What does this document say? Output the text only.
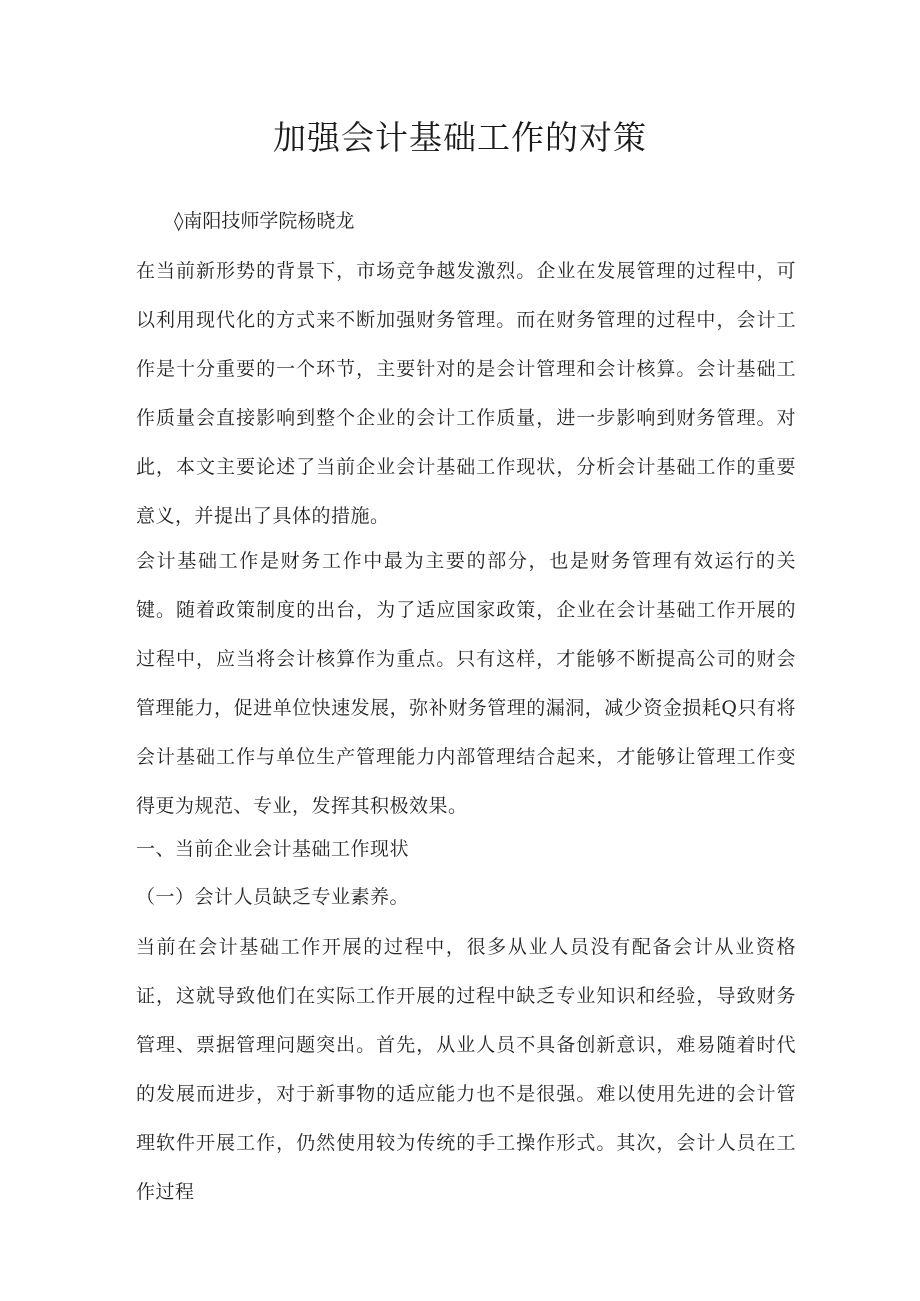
加强会计基础工作的对策
◊南阳技师学院杨晓龙

在当前新形势的背景下，市场竞争越发激烈。企业在发展管理的过程中，可以利用现代化的方式来不断加强财务管理。而在财务管理的过程中，会计工作是十分重要的一个环节，主要针对的是会计管理和会计核算。会计基础工作质量会直接影响到整个企业的会计工作质量，进一步影响到财务管理。对此，本文主要论述了当前企业会计基础工作现状，分析会计基础工作的重要意义，并提出了具体的措施。

会计基础工作是财务工作中最为主要的部分，也是财务管理有效运行的关键。随着政策制度的出台，为了适应国家政策，企业在会计基础工作开展的过程中，应当将会计核算作为重点。只有这样，才能够不断提高公司的财会管理能力，促进单位快速发展，弥补财务管理的漏洞，减少资金损耗Q只有将会计基础工作与单位生产管理能力内部管理结合起来，才能够让管理工作变得更为规范、专业，发挥其积极效果。

一、当前企业会计基础工作现状

（一）会计人员缺乏专业素养。

当前在会计基础工作开展的过程中，很多从业人员没有配备会计从业资格证，这就导致他们在实际工作开展的过程中缺乏专业知识和经验，导致财务管理、票据管理问题突出。首先，从业人员不具备创新意识，难易随着时代的发展而进步，对于新事物的适应能力也不是很强。难以使用先进的会计管理软件开展工作，仍然使用较为传统的手工操作形式。其次，会计人员在工作过程
